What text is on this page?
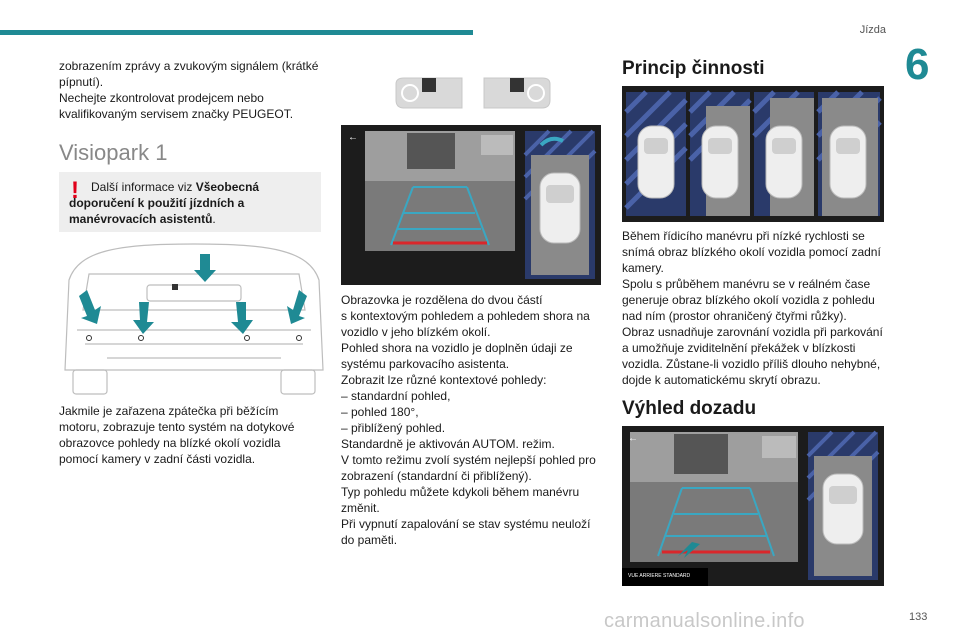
Jízda
6
zobrazením zprávy a zvukovým signálem (krátké
pípnutí).
Nechejte zkontrolovat prodejcem nebo
kvalifikovaným servisem značky PEUGEOT.
Visiopark 1
!	Další informace viz Všeobecná doporučení k použití jízdních a manévrovacích asistentů.
Jakmile je zařazena zpátečka při běžícím
motoru, zobrazuje tento systém na dotykové
obrazovce pohledy na blízké okolí vozidla
pomocí kamery v zadní části vozidla.
←
Obrazovka je rozdělena do dvou částí
s kontextovým pohledem a pohledem shora na
vozidlo v jeho blízkém okolí.
Pohled shora na vozidlo je doplněn údaji ze
systému parkovacího asistenta.
Zobrazit lze různé kontextové pohledy:
– standardní pohled,
– pohled 180°,
– přiblížený pohled.
Standardně je aktivován AUTOM. režim.
V tomto režimu zvolí systém nejlepší pohled pro
zobrazení (standardní či přiblížený).
Typ pohledu můžete kdykoli během manévru
změnit.
Při vypnutí zapalování se stav systému neuloží
do paměti.
Princip činnosti
Během řídicího manévru při nízké rychlosti se
snímá obraz blízkého okolí vozidla pomocí zadní
kamery.
Spolu s průběhem manévru se v reálném čase
generuje obraz blízkého okolí vozidla z pohledu
nad ním (prostor ohraničený čtyřmi růžky).
Obraz usnadňuje zarovnání vozidla při parkování
a umožňuje zviditelnění překážek v blízkosti
vozidla. Zůstane-li vozidlo příliš dlouho nehybné,
dojde k automatickému skrytí obrazu.
Výhled dozadu
←
VUE ARRIERE STANDARD
133
carmanualsonline.info
